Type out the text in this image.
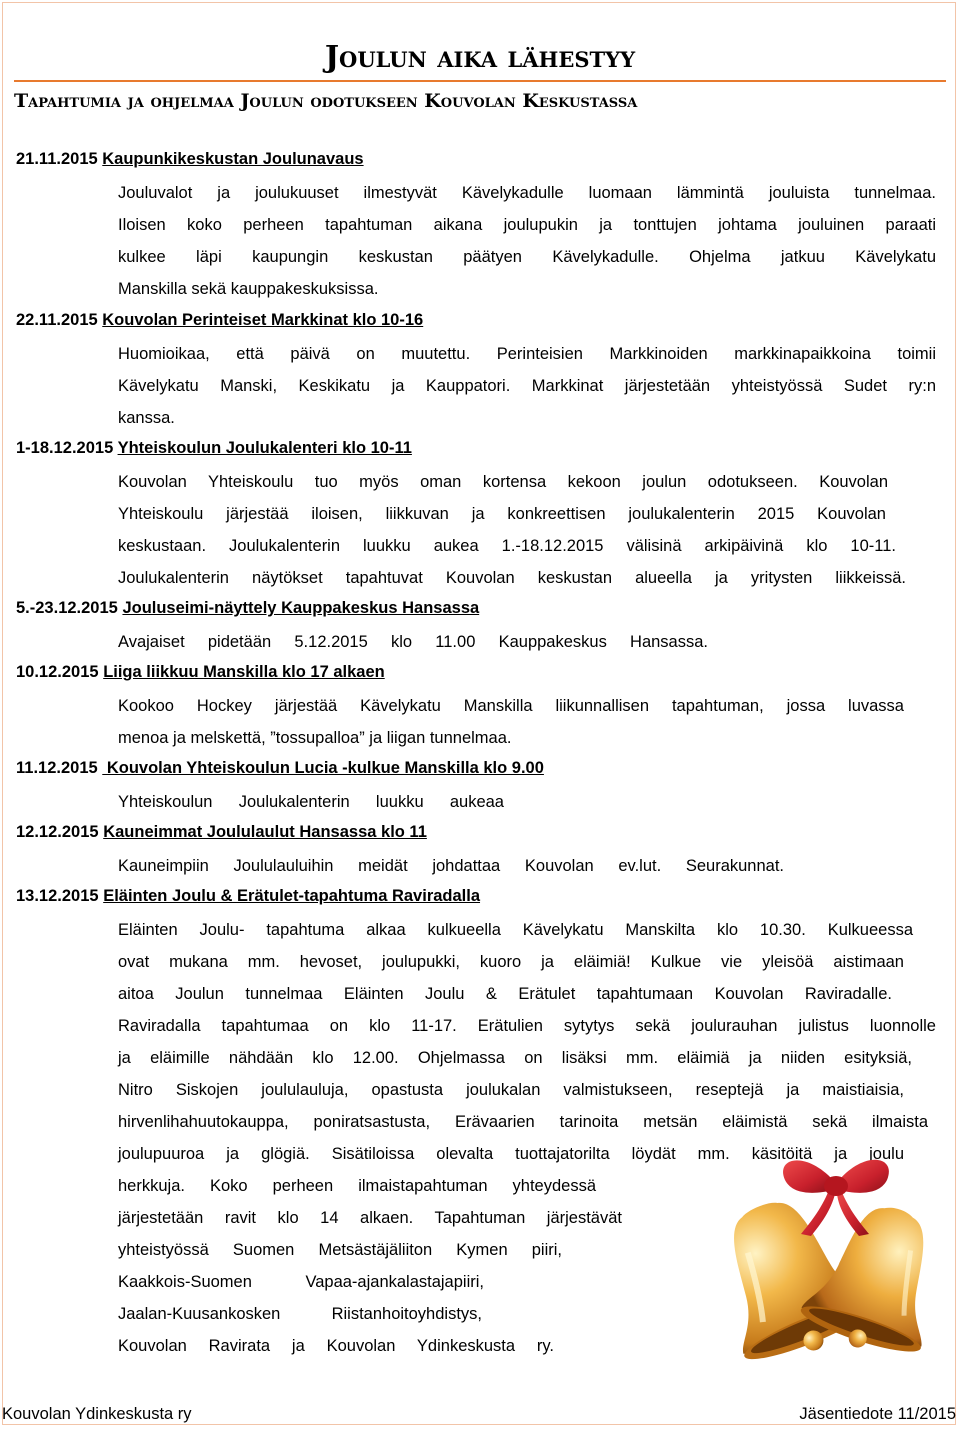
Joulun aika lähestyy
Tapahtumia ja ohjelmaa Joulun odotukseen Kouvolan Keskustassa
21.11.2015 Kaupunkikeskustan Joulunavaus
Jouluvalot ja joulukuuset ilmestyvät Kävelykadulle luomaan lämmintä jouluista tunnelmaa.
Iloisen koko perheen tapahtuman aikana joulupukin ja tonttujen johtama jouluinen paraati
kulkee läpi kaupungin keskustan päätyen Kävelykadulle. Ohjelma jatkuu Kävelykatu
Manskilla sekä kauppakeskuksissa.
22.11.2015 Kouvolan Perinteiset Markkinat klo 10-16
Huomioikaa, että päivä on muutettu. Perinteisien Markkinoiden markkinapaikkoina toimii
Kävelykatu Manski, Keskikatu ja Kauppatori. Markkinat järjestetään yhteistyössä Sudet ry:n
kanssa.
1-18.12.2015 Yhteiskoulun Joulukalenteri klo 10-11
Kouvolan Yhteiskoulu tuo myös oman kortensa kekoon joulun odotukseen. Kouvolan
Yhteiskoulu järjestää iloisen, liikkuvan ja konkreettisen joulukalenterin 2015 Kouvolan
keskustaan. Joulukalenterin luukku aukea 1.-18.12.2015 välisinä arkipäivinä klo 10-11.
Joulukalenterin näytökset tapahtuvat Kouvolan keskustan alueella ja yritysten liikkeissä.
5.-23.12.2015 Jouluseimi-näyttely Kauppakeskus Hansassa
Avajaiset pidetään 5.12.2015 klo 11.00 Kauppakeskus Hansassa.
10.12.2015 Liiga liikkuu Manskilla klo 17 alkaen
Kookoo Hockey järjestää Kävelykatu Manskilla liikunnallisen tapahtuman, jossa luvassa
menoa ja melskettä, ”tossupalloa” ja liigan tunnelmaa.
11.12.2015  Kouvolan Yhteiskoulun Lucia -kulkue Manskilla klo 9.00
Yhteiskoulun Joulukalenterin luukku aukeaa
12.12.2015 Kauneimmat Joululaulut Hansassa klo 11
Kauneimpiin Joululauluihin meidät johdattaa Kouvolan ev.lut. Seurakunnat.
13.12.2015 Eläinten Joulu & Erätulet-tapahtuma Raviradalla
Eläinten Joulu- tapahtuma alkaa kulkueella Kävelykatu Manskilta klo 10.30. Kulkueessa
ovat mukana mm. hevoset, joulupukki, kuoro ja eläimiä! Kulkue vie yleisöä aistimaan
aitoa Joulun tunnelmaa Eläinten Joulu & Erätulet tapahtumaan Kouvolan Raviradalle.
Raviradalla tapahtumaa on klo 11-17. Erätulien sytytys sekä joulurauhan julistus luonnolle
ja eläimille nähdään klo 12.00. Ohjelmassa on lisäksi mm. eläimiä ja niiden esityksiä,
Nitro Siskojen joululauluja, opastusta joulukalan valmistukseen, reseptejä ja maistiaisia,
hirvenlihahuutokauppa, poniratsastusta, Erävaarien tarinoita metsän eläimistä sekä ilmaista
joulupuuroa ja glögiä. Sisätiloissa olevalta tuottajatorilta löydät mm. käsitöitä ja joulu
herkkuja. Koko perheen ilmaistapahtuman yhteydessä
järjestetään ravit klo 14 alkaen. Tapahtuman järjestävät
yhteistyössä Suomen Metsästäjäliiton Kymen piiri,
Kaakkois-Suomen Vapaa-ajankalastajapiiri,
Jaalan-Kuusankosken Riistanhoitoyhdistys,
Kouvolan Ravirata ja Kouvolan Ydinkeskusta ry.
Kouvolan Ydinkeskusta ry	Jäsentiedote 11/2015
